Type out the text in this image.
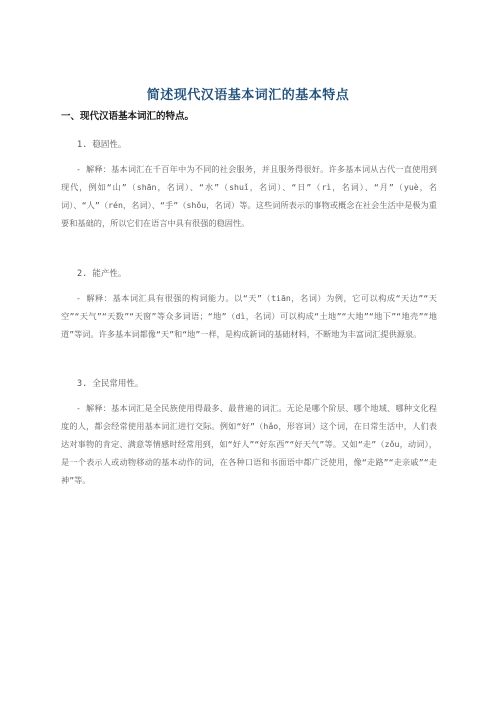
简述现代汉语基本词汇的基本特点
一、现代汉语基本词汇的特点。

1. 稳固性。

- 解释：基本词汇在千百年中为不同的社会服务，并且服务得很好。许多基本词从古代一直使用到现代，例如“山”（shān，名词）、“水”（shuǐ，名词）、“日”（rì，名词）、“月”（yuè，名词）、“人”（rén，名词）、“手”（shǒu，名词）等。这些词所表示的事物或概念在社会生活中是极为重要和基础的，所以它们在语言中具有很强的稳固性。

2. 能产性。

- 解释：基本词汇具有很强的构词能力。以“天”（tiān，名词）为例，它可以构成“天边”“天空”“天气”“天数”“天窗”等众多词语；“地”（dì，名词）可以构成“土地”“大地”“地下”“地壳”“地道”等词。许多基本词都像“天”和“地”一样，是构成新词的基础材料，不断地为丰富词汇提供源泉。

3. 全民常用性。

- 解释：基本词汇是全民族使用得最多、最普遍的词汇。无论是哪个阶层、哪个地域、哪种文化程度的人，都会经常使用基本词汇进行交际。例如“好”（hǎo，形容词）这个词，在日常生活中，人们表达对事物的肯定、满意等情感时经常用到，如“好人”“好东西”“好天气”等。又如“走”（zǒu，动词），是一个表示人或动物移动的基本动作的词，在各种口语和书面语中都广泛使用，像“走路”“走亲戚”“走神”等。
